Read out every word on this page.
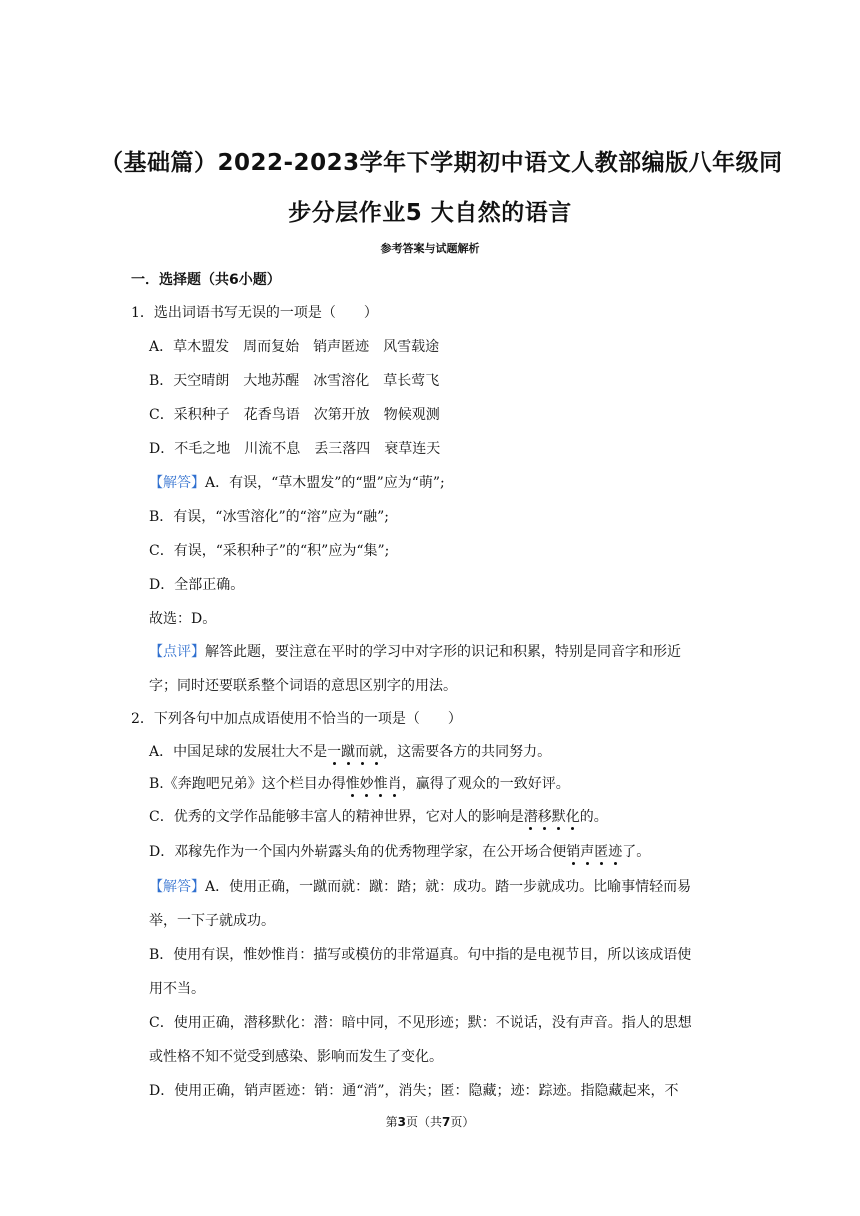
（基础篇）2022-2023学年下学期初中语文人教部编版八年级同
步分层作业5 大自然的语言
参考答案与试题解析
一．选择题（共6小题）
1．选出词语书写无误的一项是（　　）
A．草木盟发　周而复始　销声匿迹　风雪载途
B．天空晴朗　大地苏醒　冰雪溶化　草长莺飞
C．采积种子　花香鸟语　次第开放　物候观测
D．不毛之地　川流不息　丢三落四　衰草连天
【解答】A．有误，“草木盟发”的“盟”应为“萌”;
B．有误，“冰雪溶化”的“溶”应为“融”;
C．有误，“采积种子”的“积”应为“集”;
D．全部正确。
故选：D。
【点评】解答此题，要注意在平时的学习中对字形的识记和积累，特别是同音字和形近
字；同时还要联系整个词语的意思区别字的用法。
2．下列各句中加点成语使用不恰当的一项是（　　）
A．中国足球的发展壮大不是一蹴而就，这需要各方的共同努力。
B.《奔跑吧兄弟》这个栏目办得惟妙惟肖，赢得了观众的一致好评。
C．优秀的文学作品能够丰富人的精神世界，它对人的影响是潜移默化的。
D．邓稼先作为一个国内外崭露头角的优秀物理学家，在公开场合便销声匿迹了。
【解答】A．使用正确，一蹴而就：蹴：踏；就：成功。踏一步就成功。比喻事情轻而易
举，一下子就成功。
B．使用有误，惟妙惟肖：描写或模仿的非常逼真。句中指的是电视节目，所以该成语使
用不当。
C．使用正确，潜移默化：潜：暗中同，不见形迹；默：不说话，没有声音。指人的思想
或性格不知不觉受到感染、影响而发生了变化。
D．使用正确，销声匿迹：销：通“消”，消失；匿：隐藏；迹：踪迹。指隐藏起来，不
第3页（共7页）
